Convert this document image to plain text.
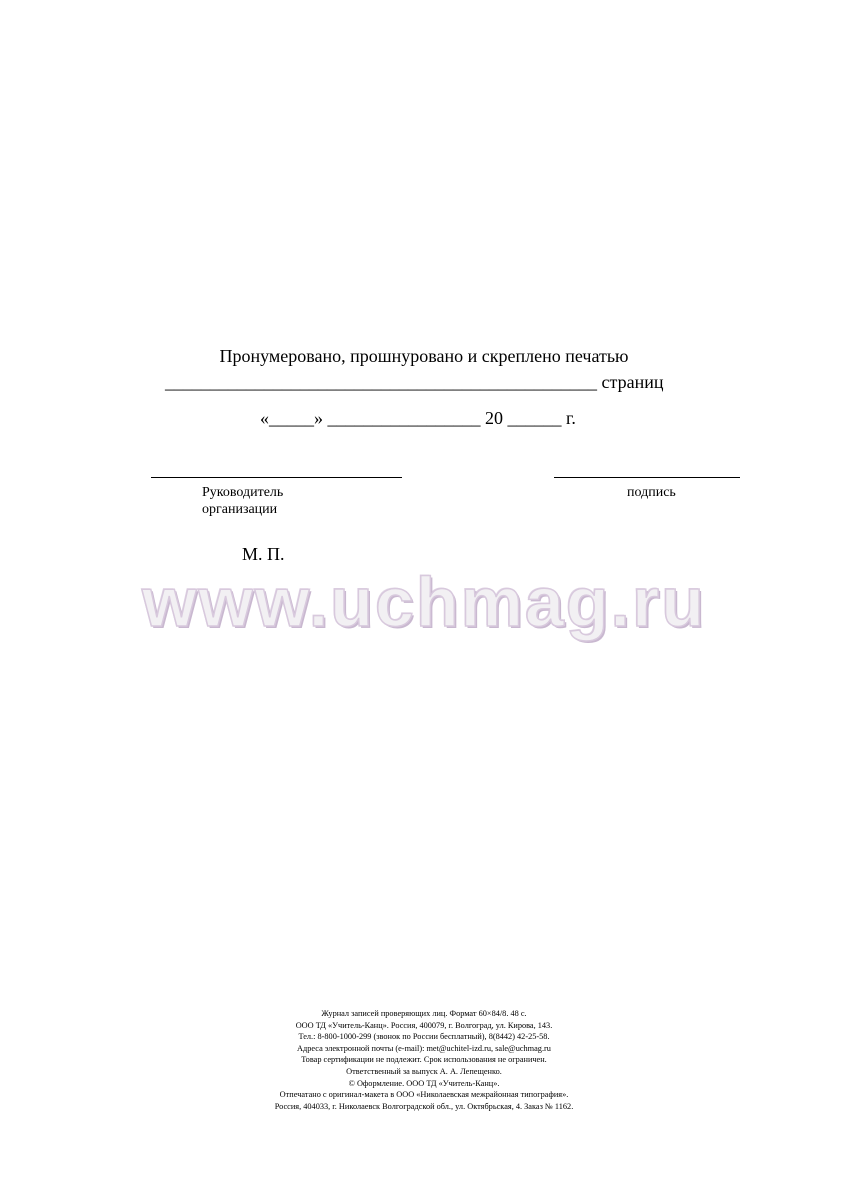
Пронумеровано, прошнуровано и скреплено печатью
________________________________________________ страниц
«_____» _________________ 20 ______ г.
Руководитель
организации
подпись
М. П.
www.uchmag.ru
Журнал записей проверяющих лиц. Формат 60×84/8. 48 с.
ООО ТД «Учитель-Канц». Россия, 400079, г. Волгоград, ул. Кирова, 143.
Тел.: 8-800-1000-299 (звонок по России бесплатный), 8(8442) 42-25-58.
Адреса электронной почты (e-mail): met@uchitel-izd.ru, sale@uchmag.ru
Товар сертификации не подлежит. Срок использования не ограничен.
Ответственный за выпуск А. А. Лепещенко.
© Оформление. ООО ТД «Учитель-Канц».
Отпечатано с оригинал-макета в ООО «Николаевская межрайонная типография».
Россия, 404033, г. Николаевск Волгоградской обл., ул. Октябрьская, 4. Заказ № 1162.
